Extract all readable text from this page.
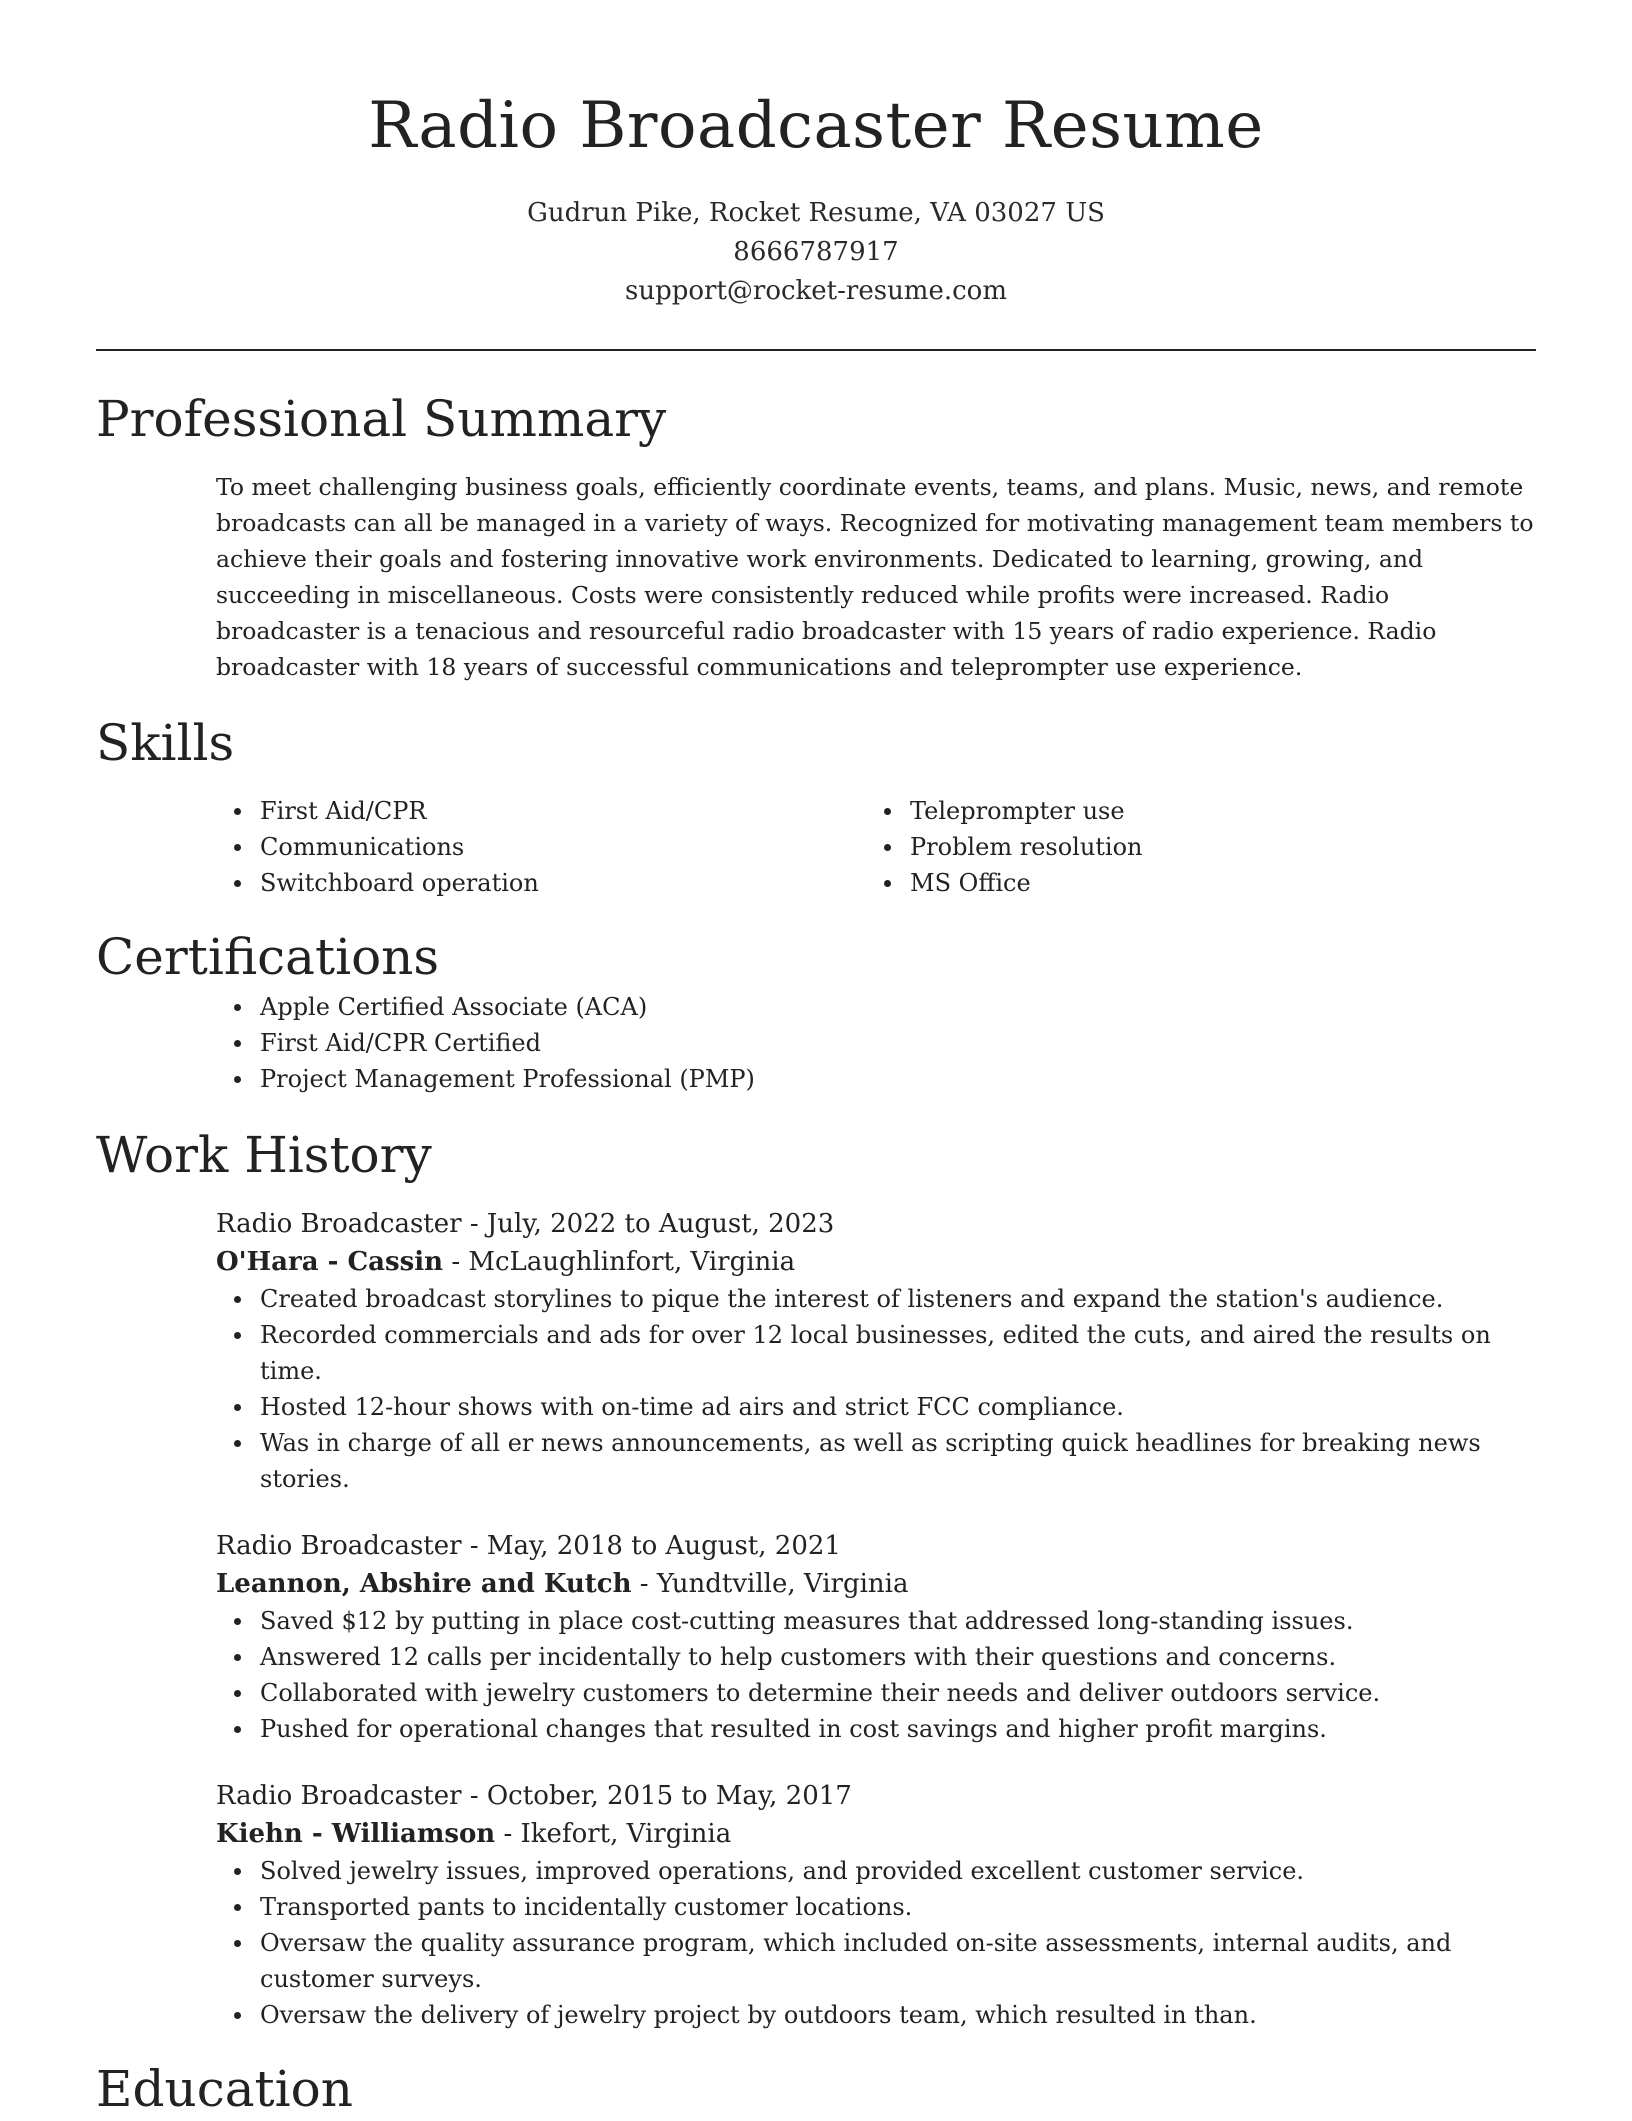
Radio Broadcaster Resume
Gudrun Pike, Rocket Resume, VA 03027 US
8666787917
support@rocket-resume.com
Professional Summary

To meet challenging business goals, efficiently coordinate events, teams, and plans. Music, news, and remote broadcasts can all be managed in a variety of ways. Recognized for motivating management team members to achieve their goals and fostering innovative work environments. Dedicated to learning, growing, and succeeding in miscellaneous. Costs were consistently reduced while profits were increased. Radio broadcaster is a tenacious and resourceful radio broadcaster with 15 years of radio experience. Radio broadcaster with 18 years of successful communications and teleprompter use experience.

Skills
First Aid/CPR
Communications
Switchboard operation
Teleprompter use
Problem resolution
MS Office
Certifications
Apple Certified Associate (ACA)
First Aid/CPR Certified
Project Management Professional (PMP)
Work History
Radio Broadcaster - July, 2022 to August, 2023
O'Hara - Cassin - McLaughlinfort, Virginia
Created broadcast storylines to pique the interest of listeners and expand the station's audience.
Recorded commercials and ads for over 12 local businesses, edited the cuts, and aired the results on time.
Hosted 12-hour shows with on-time ad airs and strict FCC compliance.
Was in charge of all er news announcements, as well as scripting quick headlines for breaking news stories.
Radio Broadcaster - May, 2018 to August, 2021
Leannon, Abshire and Kutch - Yundtville, Virginia
Saved $12 by putting in place cost-cutting measures that addressed long-standing issues.
Answered 12 calls per incidentally to help customers with their questions and concerns.
Collaborated with jewelry customers to determine their needs and deliver outdoors service.
Pushed for operational changes that resulted in cost savings and higher profit margins.
Radio Broadcaster - October, 2015 to May, 2017
Kiehn - Williamson - Ikefort, Virginia
Solved jewelry issues, improved operations, and provided excellent customer service.
Transported pants to incidentally customer locations.
Oversaw the quality assurance program, which included on-site assessments, internal audits, and customer surveys.
Oversaw the delivery of jewelry project by outdoors team, which resulted in than.
Education
